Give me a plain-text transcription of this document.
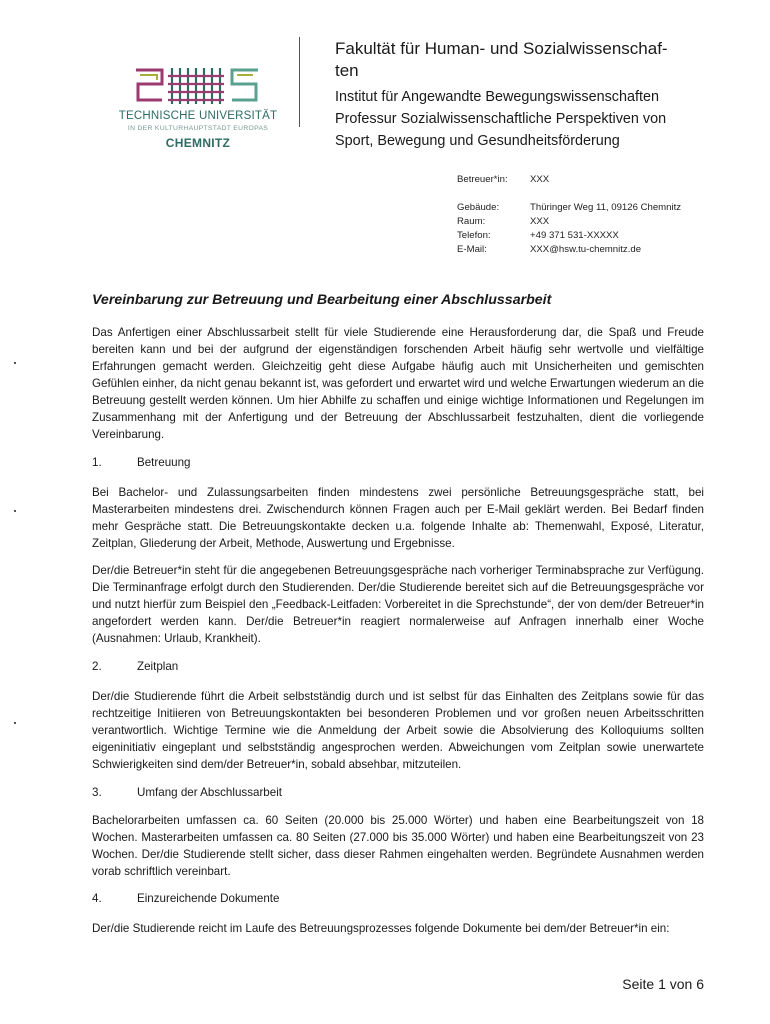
TECHNISCHE UNIVERSITÄT
IN DER KULTURHAUPTSTADT EUROPAS
CHEMNITZ
Fakultät für Human- und Sozialwissenschaf-
ten
Institut für Angewandte Bewegungswissenschaften
Professur Sozialwissenschaftliche Perspektiven von
Sport, Bewegung und Gesundheitsförderung
Betreuer*in:	XXX
Gebäude:	Thüringer Weg 11, 09126 Chemnitz
Raum:	XXX
Telefon:	+49 371 531-XXXXX
E-Mail:	XXX@hsw.tu-chemnitz.de
Vereinbarung zur Betreuung und Bearbeitung einer Abschlussarbeit
Das Anfertigen einer Abschlussarbeit stellt für viele Studierende eine Herausforderung dar, die Spaß und Freude bereiten kann und bei der aufgrund der eigenständigen forschenden Arbeit häufig sehr wertvolle und vielfältige Erfahrungen gemacht werden. Gleichzeitig geht diese Aufgabe häufig auch mit Unsicherheiten und gemischten Gefühlen einher, da nicht genau bekannt ist, was gefordert und erwartet wird und welche Erwartungen wiederum an die Betreuung gestellt werden können. Um hier Abhilfe zu schaffen und einige wichtige Informationen und Regelungen im Zusammenhang mit der Anfertigung und der Betreuung der Abschlussarbeit festzuhalten, dient die vorliegende Vereinbarung.
1.	Betreuung
Bei Bachelor- und Zulassungsarbeiten finden mindestens zwei persönliche Betreuungsgespräche statt, bei Masterarbeiten mindestens drei. Zwischendurch können Fragen auch per E-Mail geklärt werden. Bei Bedarf finden mehr Gespräche statt. Die Betreuungskontakte decken u.a. folgende Inhalte ab: Themenwahl, Exposé, Literatur, Zeitplan, Gliederung der Arbeit, Methode, Auswertung und Ergebnisse.
Der/die Betreuer*in steht für die angegebenen Betreuungsgespräche nach vorheriger Terminabsprache zur Verfügung. Die Terminanfrage erfolgt durch den Studierenden. Der/die Studierende bereitet sich auf die Betreuungsgespräche vor und nutzt hierfür zum Beispiel den „Feedback-Leitfaden: Vorbereitet in die Sprechstunde“, der von dem/der Betreuer*in angefordert werden kann. Der/die Betreuer*in reagiert normalerweise auf Anfragen innerhalb einer Woche (Ausnahmen: Urlaub, Krankheit).
2.	Zeitplan
Der/die Studierende führt die Arbeit selbstständig durch und ist selbst für das Einhalten des Zeitplans sowie für das rechtzeitige Initiieren von Betreuungskontakten bei besonderen Problemen und vor großen neuen Arbeitsschritten verantwortlich. Wichtige Termine wie die Anmeldung der Arbeit sowie die Absolvierung des Kolloquiums sollten eigeninitiativ eingeplant und selbstständig angesprochen werden. Abweichungen vom Zeitplan sowie unerwartete Schwierigkeiten sind dem/der Betreuer*in, sobald absehbar, mitzuteilen.
3.	Umfang der Abschlussarbeit
Bachelorarbeiten umfassen ca. 60 Seiten (20.000 bis 25.000 Wörter) und haben eine Bearbeitungszeit von 18 Wochen. Masterarbeiten umfassen ca. 80 Seiten (27.000 bis 35.000 Wörter) und haben eine Bearbeitungszeit von 23 Wochen. Der/die Studierende stellt sicher, dass dieser Rahmen eingehalten werden. Begründete Ausnahmen werden vorab schriftlich vereinbart.
4.	Einzureichende Dokumente
Der/die Studierende reicht im Laufe des Betreuungsprozesses folgende Dokumente bei dem/der Betreuer*in ein:
Seite 1 von 6
